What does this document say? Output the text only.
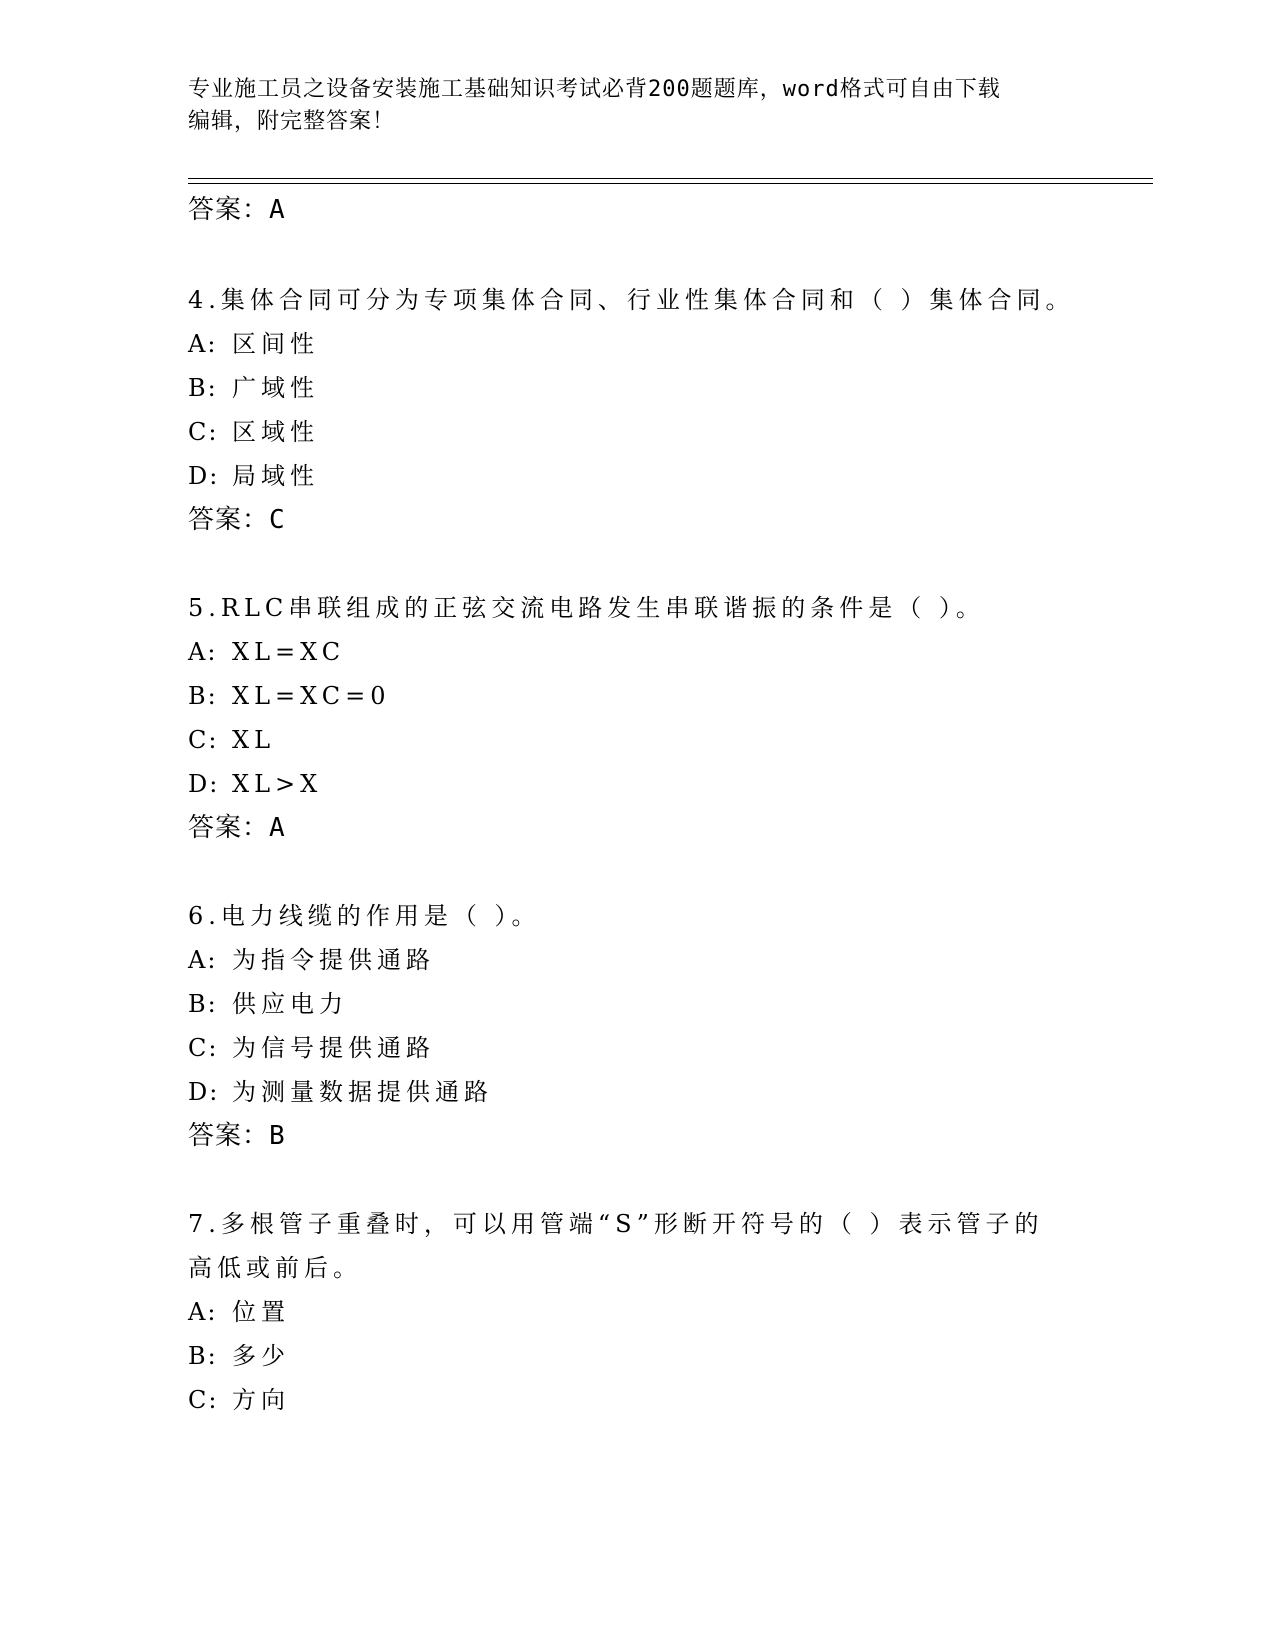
专业施工员之设备安装施工基础知识考试必背200题题库，word格式可自由下载
编辑，附完整答案！
答案：A
4.集体合同可分为专项集体合同、行业性集体合同和（ ）集体合同。
A: 区间性
B: 广域性
C: 区域性
D: 局域性
答案：C
5.RLC串联组成的正弦交流电路发生串联谐振的条件是（ ）。
A: XL=XC
B: XL=XC=0
C: XL
D: XL>X
答案：A
6.电力线缆的作用是（ ）。
A: 为指令提供通路
B: 供应电力
C: 为信号提供通路
D: 为测量数据提供通路
答案：B
7.多根管子重叠时，可以用管端“S”形断开符号的（ ）表示管子的
高低或前后。
A: 位置
B: 多少
C: 方向
